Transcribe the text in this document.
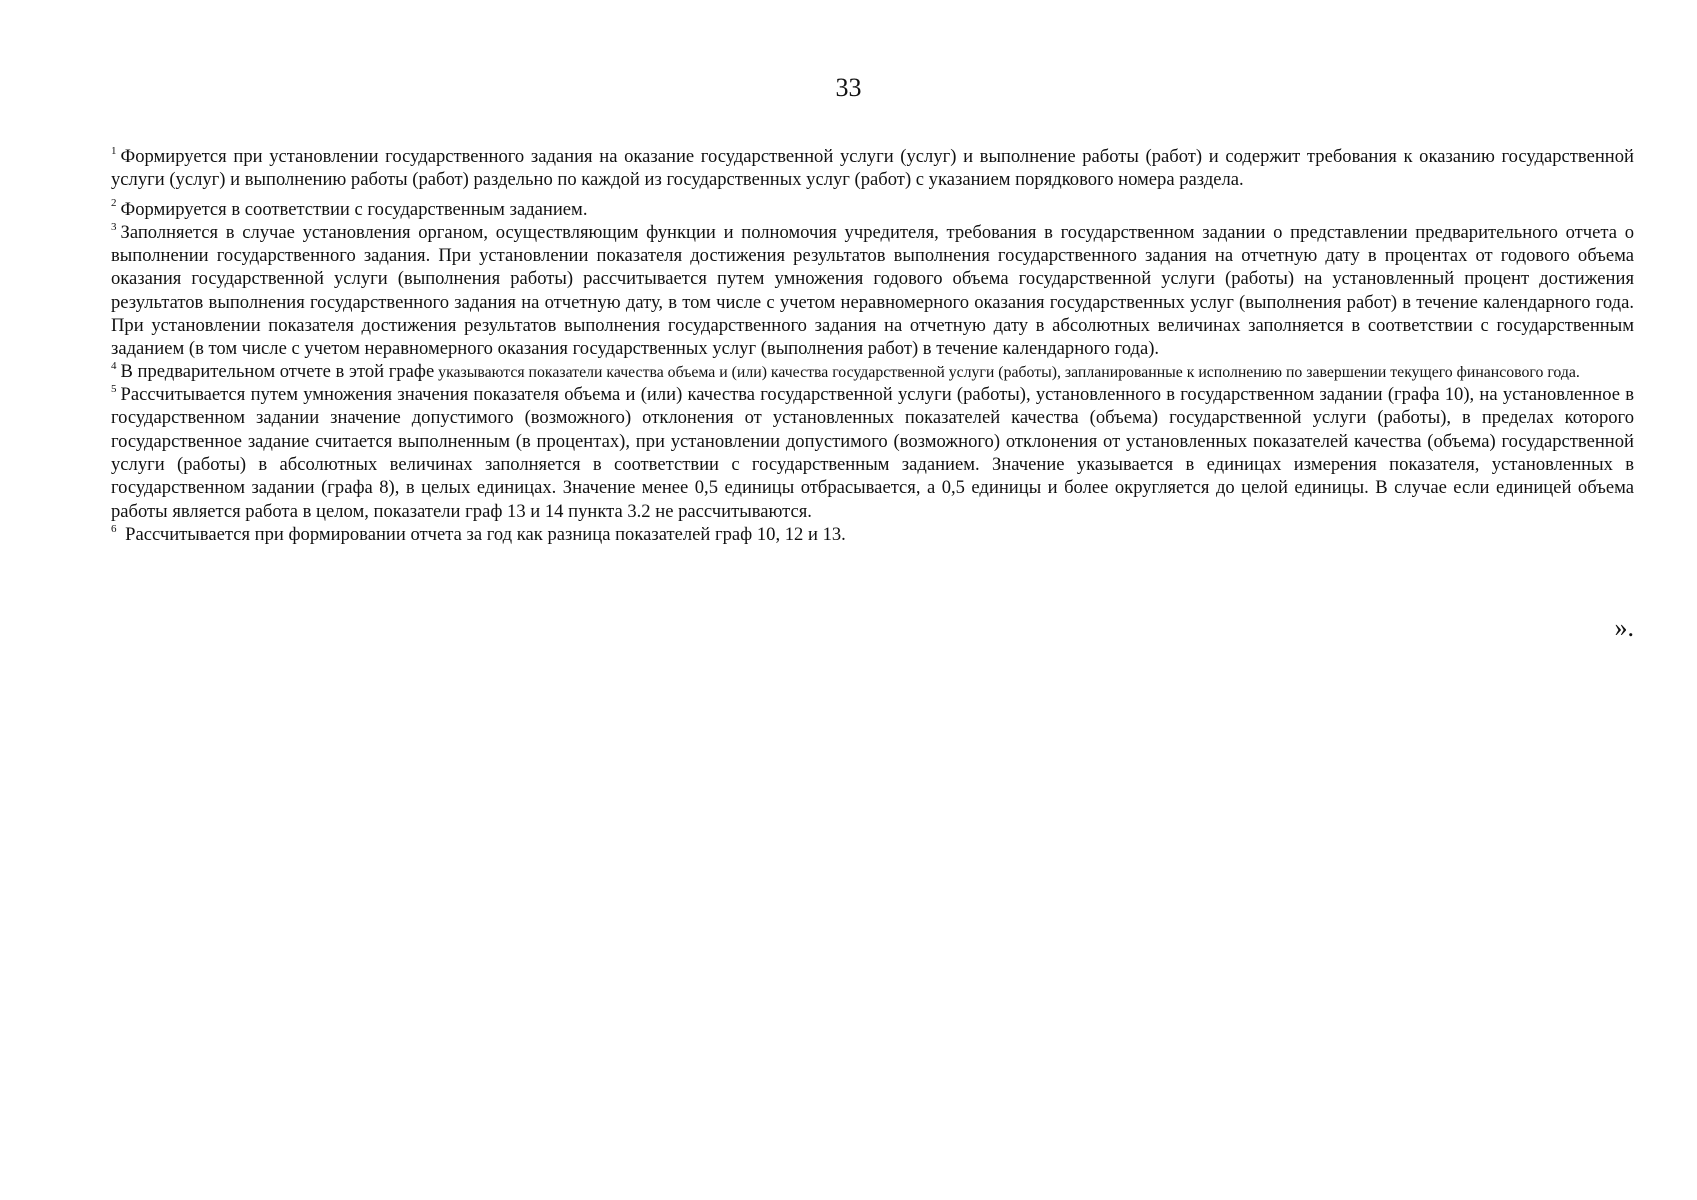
33

$^1$ Формируется при установлении государственного задания на оказание государственной услуги (услуг) и выполнение работы (работ) и содержит требования к оказанию государственной услуги (услуг) и выполнению работы (работ) раздельно по каждой из государственных услуг (работ) с указанием порядкового номера раздела.

$^2$ Формируется в соответствии с государственным заданием.

$^3$ Заполняется в случае установления органом, осуществляющим функции и полномочия учредителя, требования в государственном задании о представлении предварительного отчета о выполнении государственного задания. При установлении показателя достижения результатов выполнения государственного задания на отчетную дату в процентах от годового объема оказания государственной услуги (выполнения работы) рассчитывается путем умножения годового объема государственной услуги (работы) на установленный процент достижения результатов выполнения государственного задания на отчетную дату, в том числе с учетом неравномерного оказания государственных услуг (выполнения работ) в течение календарного года. При установлении показателя достижения результатов выполнения государственного задания на отчетную дату в абсолютных величинах заполняется в соответствии с государственным заданием (в том числе с учетом неравномерного оказания государственных услуг (выполнения работ) в течение календарного года).

$^4$ В предварительном отчете в этой графе указываются показатели качества объема и (или) качества государственной услуги (работы), запланированные к исполнению по завершении текущего финансового года.

$^5$ Рассчитывается путем умножения значения показателя объема и (или) качества государственной услуги (работы), установленного в государственном задании (графа 10), на установленное в государственном задании значение допустимого (возможного) отклонения от установленных показателей качества (объема) государственной услуги (работы), в пределах которого государственное задание считается выполненным (в процентах), при установлении допустимого (возможного) отклонения от установленных показателей качества (объема) государственной услуги (работы) в абсолютных величинах заполняется в соответствии с государственным заданием. Значение указывается в единицах измерения показателя, установленных в государственном задании (графа 8), в целых единицах. Значение менее 0,5 единицы отбрасывается, а 0,5 единицы и более округляется до целой единицы. В случае если единицей объема работы является работа в целом, показатели граф 13 и 14 пункта 3.2 не рассчитываются.

$^6$ Рассчитывается при формировании отчета за год как разница показателей граф 10, 12 и 13.

».
